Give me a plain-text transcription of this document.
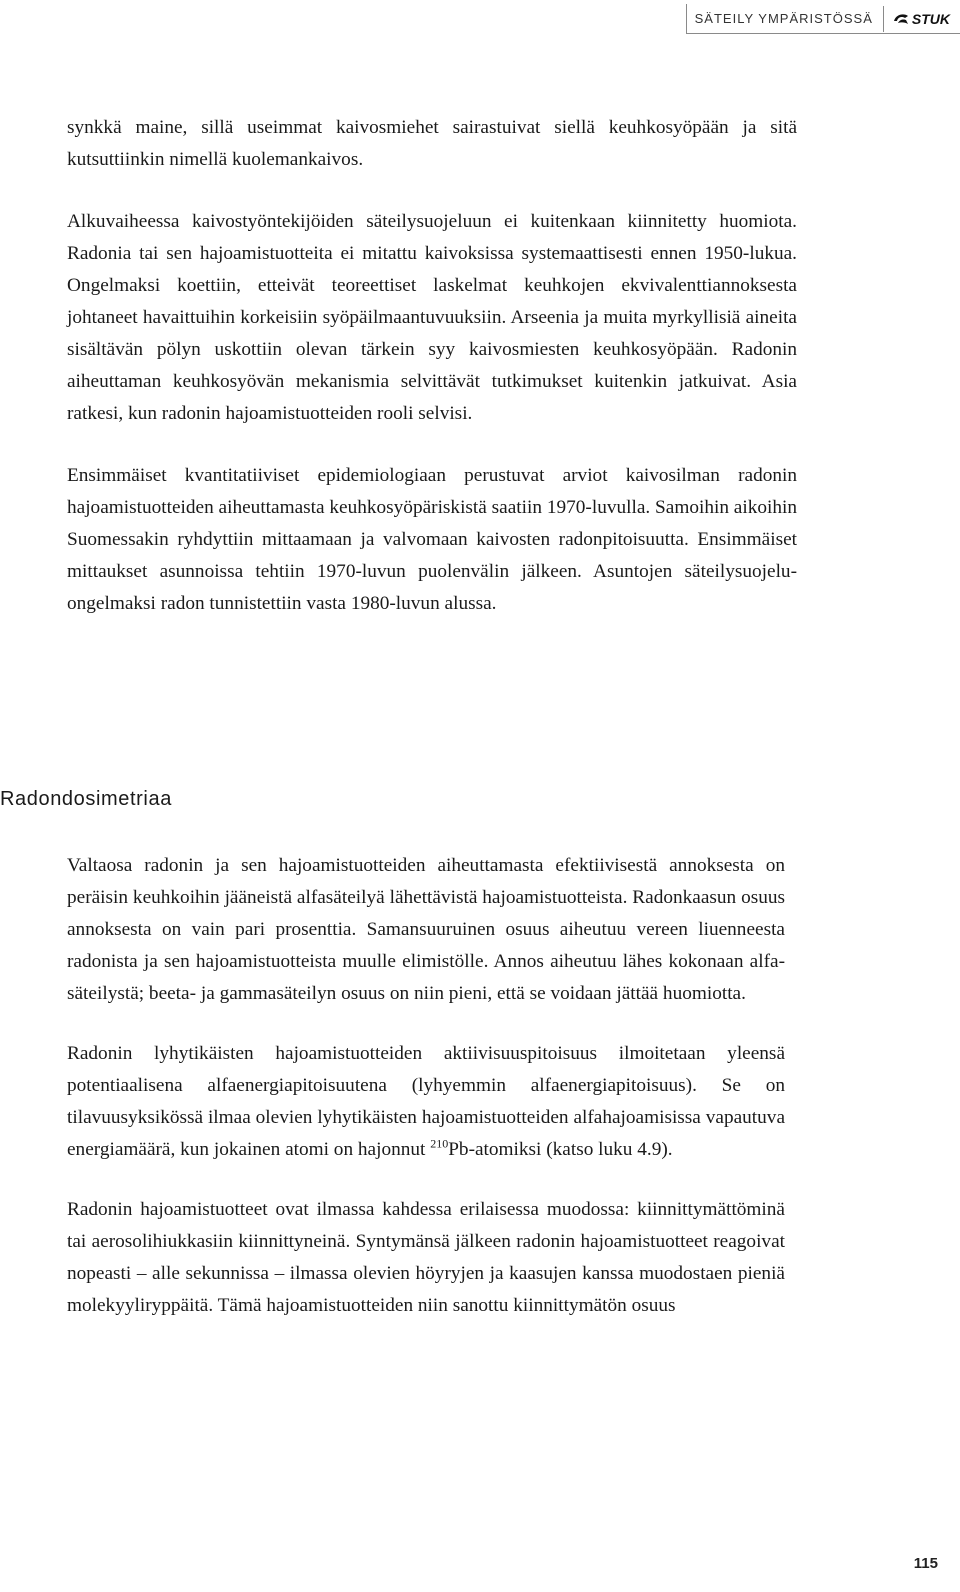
SÄTEILY YMPÄRISTÖSSÄ	STUK

synkkä maine, sillä useimmat kaivosmiehet sairastuivat siellä keuhkosyöpään ja sitä kutsuttiinkin nimellä kuolemankaivos.

Alkuvaiheessa kaivostyöntekijöiden säteilysuojeluun ei kuitenkaan kiinnitetty huomiota. Radonia tai sen hajoamistuotteita ei mitattu kaivoksissa systemaattisesti ennen 1950-lukua. Ongelmaksi koettiin, etteivät teoreettiset laskelmat keuhkojen ekvivalenttiannoksesta johtaneet havaittuihin korkeisiin syöpäilmaantuvuuksiin. Arseenia ja muita myrkyllisiä aineita sisältävän pölyn uskottiin olevan tärkein syy kaivosmiesten keuhkosyöpään. Radonin aiheuttaman keuhkosyövän mekanismia selvittävät tutkimukset kuitenkin jatkuivat. Asia ratkesi, kun radonin hajoamistuotteiden rooli selvisi.

Ensimmäiset kvantitatiiviset epidemiologiaan perustuvat arviot kaivosilman radonin hajoamistuotteiden aiheuttamasta keuhkosyöpäriskistä saatiin 1970-luvulla. Samoihin aikoihin Suomessakin ryhdyttiin mittaamaan ja valvomaan kaivosten radonpitoisuutta. Ensimmäiset mittaukset asunnoissa tehtiin 1970-luvun puolenvälin jälkeen. Asuntojen säteilysuojeluongelmaksi radon tunnistettiin vasta 1980-luvun alussa.

Radondosimetriaa

Valtaosa radonin ja sen hajoamistuotteiden aiheuttamasta efektiivisestä annoksesta on peräisin keuhkoihin jääneistä alfasäteilyä lähettävistä hajoamistuotteista. Radonkaasun osuus annoksesta on vain pari prosenttia. Samansuuruinen osuus aiheutuu vereen liuenneesta radonista ja sen hajoamistuotteista muulle elimistölle. Annos aiheutuu lähes kokonaan alfasäteilystä; beeta- ja gammasäteilyn osuus on niin pieni, että se voidaan jättää huomiotta.

Radonin lyhytikäisten hajoamistuotteiden aktiivisuuspitoisuus ilmoitetaan yleensä potentiaalisena alfaenergiapitoisuutena (lyhyemmin alfaenergiapitoisuus). Se on tilavuusyksikössä ilmaa olevien lyhytikäisten hajoamistuotteiden alfahajoamisissa vapautuva energiamäärä, kun jokainen atomi on hajonnut $^{210}$Pb-atomiksi (katso luku 4.9).

Radonin hajoamistuotteet ovat ilmassa kahdessa erilaisessa muodossa: kiinnittymättöminä tai aerosolihiukkasiin kiinnittyneinä. Syntymänsä jälkeen radonin hajoamistuotteet reagoivat nopeasti – alle sekunnissa – ilmassa olevien höyryjen ja kaasujen kanssa muodostaen pieniä molekyyliryppäitä. Tämä hajoamistuotteiden niin sanottu kiinnittymätön osuus

115
